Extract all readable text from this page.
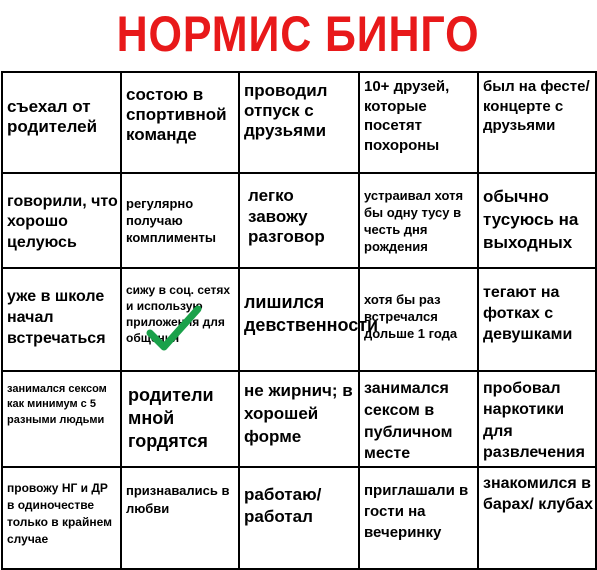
НОРМИС БИНГО
съехал от родителей	состою в спортивной команде	проводил отпуск с друзьями	10+ друзей, которые посетят похороны	был на фесте/ концерте с друзьями

говорили, что хорошо целуюсь	регулярно получаю комплименты	легко завожу разговор	устраивал хотя бы одну тусу в честь дня рождения	обычно тусуюсь на выходных

уже в школе начал встречаться	сижу в соц. сетях и использую приложения для общения	лишился девственности	хотя бы раз встречался дольше 1 года	тегают на фотках с девушками

занимался сексом как минимум с 5 разными людьми	родители мной гордятся	не жирнич; в хорошей форме	занимался сексом в публичном месте	пробовал наркотики для развлечения

провожу НГ и ДР в одиночестве только в крайнем случае	признавались в любви	работаю/ работал	приглашали в гости на вечеринку	знакомился в барах/ клубах
